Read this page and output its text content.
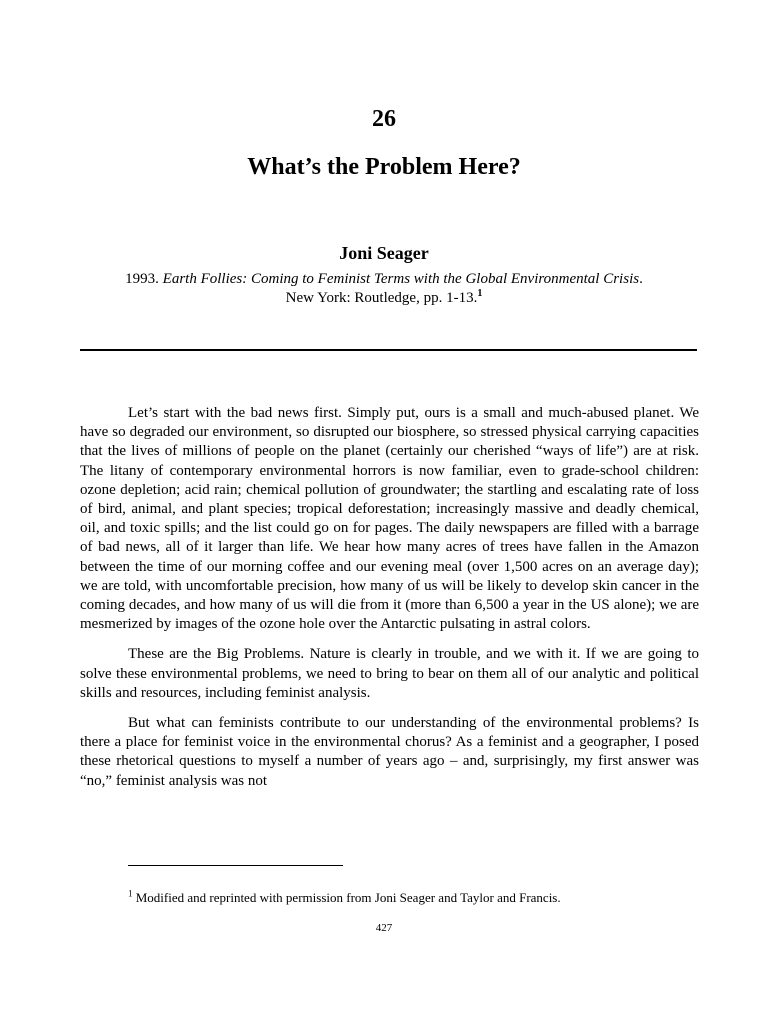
26
What’s the Problem Here?
Joni Seager
1993. Earth Follies: Coming to Feminist Terms with the Global Environmental Crisis.
New York: Routledge, pp. 1-13.$^1$

Let’s start with the bad news first. Simply put, ours is a small and much-abused planet. We have so degraded our environment, so disrupted our biosphere, so stressed physical carrying capacities that the lives of millions of people on the planet (certainly our cherished “ways of life”) are at risk. The litany of contemporary environmental horrors is now familiar, even to grade-school children: ozone depletion; acid rain; chemical pollution of groundwater; the startling and escalating rate of loss of bird, animal, and plant species; tropical deforestation; increasingly massive and deadly chemical, oil, and toxic spills; and the list could go on for pages. The daily newspapers are filled with a barrage of bad news, all of it larger than life. We hear how many acres of trees have fallen in the Amazon between the time of our morning coffee and our evening meal (over 1,500 acres on an average day); we are told, with uncomfortable precision, how many of us will be likely to develop skin cancer in the coming decades, and how many of us will die from it (more than 6,500 a year in the US alone); we are mesmerized by images of the ozone hole over the Antarctic pulsating in astral colors.

These are the Big Problems. Nature is clearly in trouble, and we with it. If we are going to solve these environmental problems, we need to bring to bear on them all of our analytic and political skills and resources, including feminist analysis.

But what can feminists contribute to our understanding of the environmental problems? Is there a place for feminist voice in the environmental chorus? As a feminist and a geographer, I posed these rhetorical questions to myself a number of years ago – and, surprisingly, my first answer was “no,” feminist analysis was not

$^1$ Modified and reprinted with permission from Joni Seager and Taylor and Francis.
427
